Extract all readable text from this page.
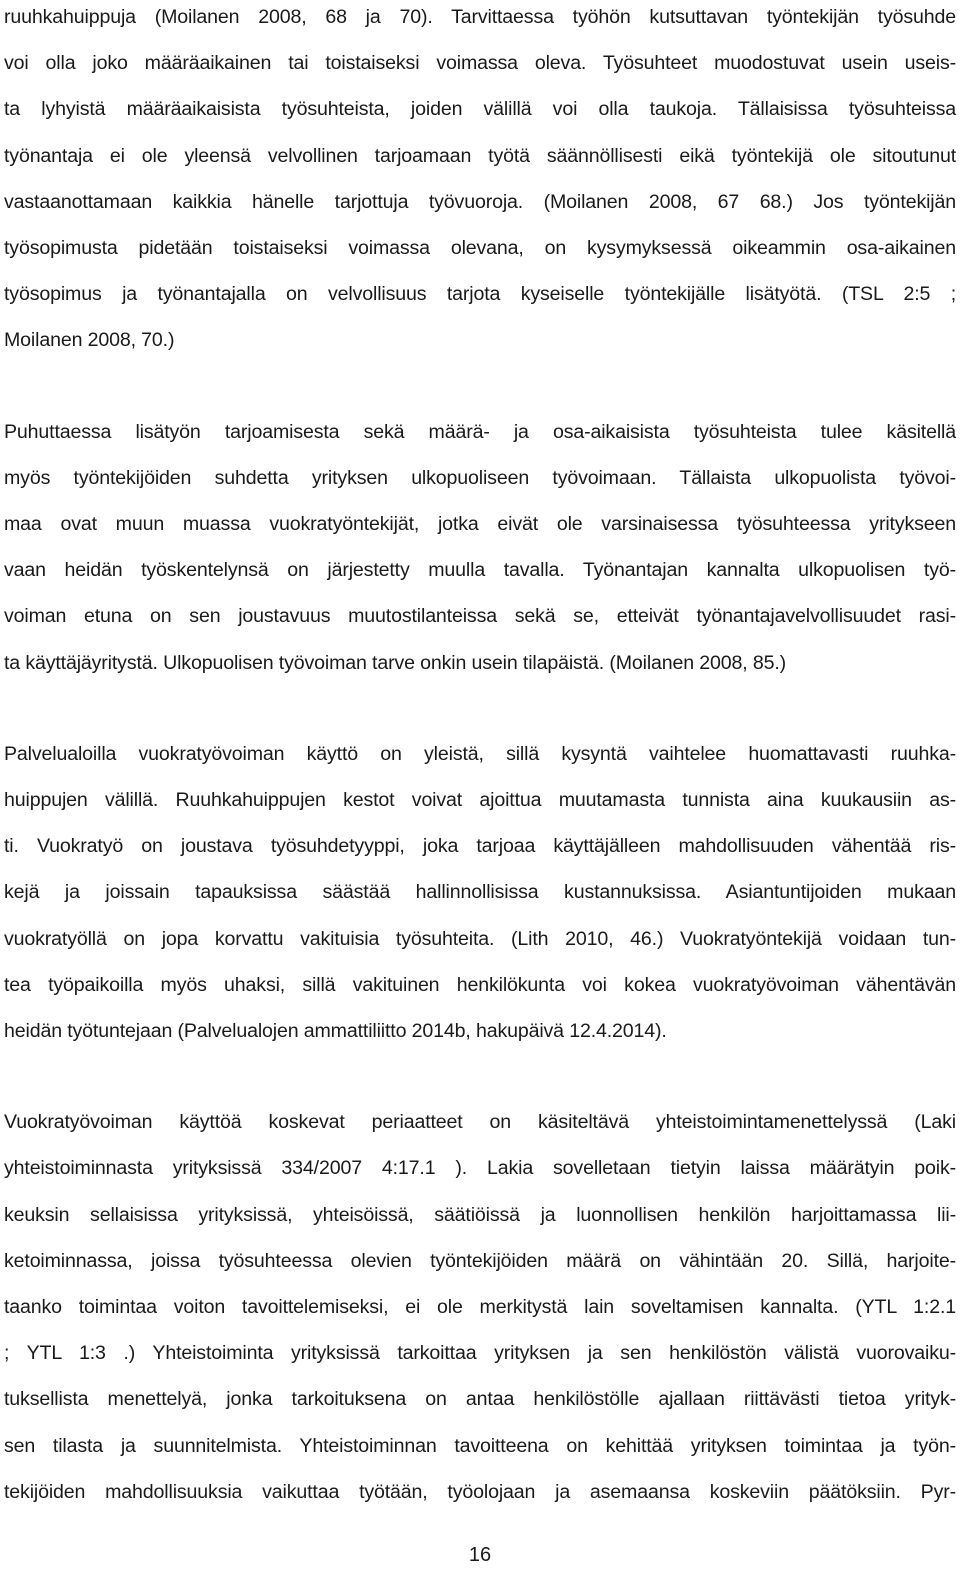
ruuhkahuippuja (Moilanen 2008, 68 ja 70). Tarvittaessa työhön kutsuttavan työntekijän työsuhde
voi olla joko määräaikainen tai toistaiseksi voimassa oleva. Työsuhteet muodostuvat usein useis-
ta lyhyistä määräaikaisista työsuhteista, joiden välillä voi olla taukoja. Tällaisissa työsuhteissa
työnantaja ei ole yleensä velvollinen tarjoamaan työtä säännöllisesti eikä työntekijä ole sitoutunut
vastaanottamaan kaikkia hänelle tarjottuja työvuoroja. (Moilanen 2008, 67 68.) Jos työntekijän
työsopimusta pidetään toistaiseksi voimassa olevana, on kysymyksessä oikeammin osa-aikainen
työsopimus ja työnantajalla on velvollisuus tarjota kyseiselle työntekijälle lisätyötä. (TSL 2:5 ;
Moilanen 2008, 70.)

Puhuttaessa lisätyön tarjoamisesta sekä määrä- ja osa-aikaisista työsuhteista tulee käsitellä
myös työntekijöiden suhdetta yrityksen ulkopuoliseen työvoimaan. Tällaista ulkopuolista työvoi-
maa ovat muun muassa vuokratyöntekijät, jotka eivät ole varsinaisessa työsuhteessa yritykseen
vaan heidän työskentelynsä on järjestetty muulla tavalla. Työnantajan kannalta ulkopuolisen työ-
voiman etuna on sen joustavuus muutostilanteissa sekä se, etteivät työnantajavelvollisuudet rasi-
ta käyttäjäyritystä. Ulkopuolisen työvoiman tarve onkin usein tilapäistä. (Moilanen 2008, 85.)

Palvelualoilla vuokratyövoiman käyttö on yleistä, sillä kysyntä vaihtelee huomattavasti ruuhka-
huippujen välillä. Ruuhkahuippujen kestot voivat ajoittua muutamasta tunnista aina kuukausiin as-
ti. Vuokratyö on joustava työsuhdetyyppi, joka tarjoaa käyttäjälleen mahdollisuuden vähentää ris-
kejä ja joissain tapauksissa säästää hallinnollisissa kustannuksissa. Asiantuntijoiden mukaan
vuokratyöllä on jopa korvattu vakituisia työsuhteita. (Lith 2010, 46.) Vuokratyöntekijä voidaan tun-
tea työpaikoilla myös uhaksi, sillä vakituinen henkilökunta voi kokea vuokratyövoiman vähentävän
heidän työtuntejaan (Palvelualojen ammattiliitto 2014b, hakupäivä 12.4.2014).

Vuokratyövoiman käyttöä koskevat periaatteet on käsiteltävä yhteistoimintamenettelyssä (Laki
yhteistoiminnasta yrityksissä 334/2007 4:17.1 ). Lakia sovelletaan tietyin laissa määrätyin poik-
keuksin sellaisissa yrityksissä, yhteisöissä, säätiöissä ja luonnollisen henkilön harjoittamassa lii-
ketoiminnassa, joissa työsuhteessa olevien työntekijöiden määrä on vähintään 20. Sillä, harjoite-
taanko toimintaa voiton tavoittelemiseksi, ei ole merkitystä lain soveltamisen kannalta. (YTL 1:2.1
; YTL 1:3 .) Yhteistoiminta yrityksissä tarkoittaa yrityksen ja sen henkilöstön välistä vuorovaiku-
tuksellista menettelyä, jonka tarkoituksena on antaa henkilöstölle ajallaan riittävästi tietoa yrityk-
sen tilasta ja suunnitelmista. Yhteistoiminnan tavoitteena on kehittää yrityksen toimintaa ja työn-
tekijöiden mahdollisuuksia vaikuttaa työtään, työolojaan ja asemaansa koskeviin päätöksiin. Pyr-

16
